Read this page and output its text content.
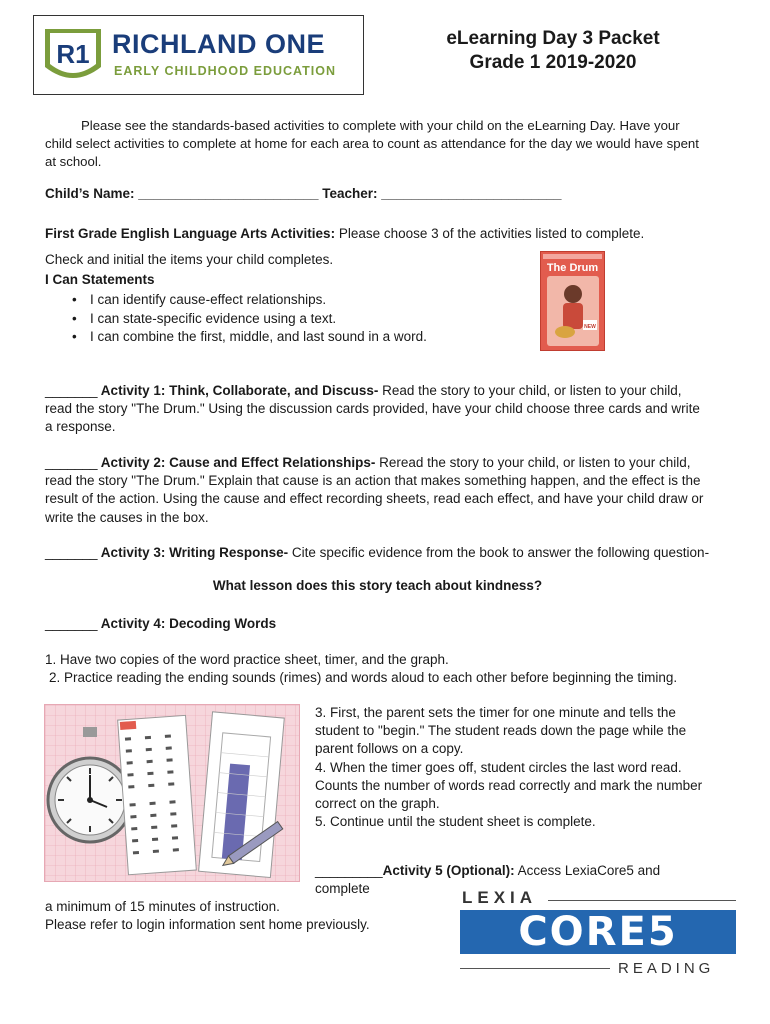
R1 RICHLAND ONE
EARLY CHILDHOOD EDUCATION
eLearning Day 3 Packet
Grade 1 2019-2020
Please see the standards-based activities to complete with your child on the eLearning Day. Have your child select activities to complete at home for each area to count as attendance for the day we would have spent at school.
Child’s Name: ________________________ Teacher: ________________________
First Grade English Language Arts Activities: Please choose 3 of the activities listed to complete. Check and initial the items your child completes.
I Can Statements
• I can identify cause-effect relationships.
• I can state-specific evidence using a text.
• I can combine the first, middle, and last sound in a word.
The Drum
NEW
_______ Activity 1: Think, Collaborate, and Discuss- Read the story to your child, or listen to your child, read the story "The Drum." Using the discussion cards provided, have your child choose three cards and write a response.
_______ Activity 2: Cause and Effect Relationships- Reread the story to your child, or listen to your child, read the story "The Drum." Explain that cause is an action that makes something happen, and the effect is the result of the action. Using the cause and effect recording sheets, read each effect, and have your child draw or write the causes in the box.
_______ Activity 3: Writing Response- Cite specific evidence from the book to answer the following question-
What lesson does this story teach about kindness?
_______ Activity 4: Decoding Words
1. Have two copies of the word practice sheet, timer, and the graph.
2. Practice reading the ending sounds (rimes) and words aloud to each other before beginning the timing.
3. First, the parent sets the timer for one minute and tells the student to "begin." The student reads down the page while the parent follows on a copy.
4. When the timer goes off, student circles the last word read. Counts the number of words read correctly and mark the number correct on the graph.
5. Continue until the student sheet is complete.
_________Activity 5 (Optional): Access LexiaCore5 and complete
a minimum of 15 minutes of instruction.
Please refer to login information sent home previously.
LEXIA
CORE5
READING
